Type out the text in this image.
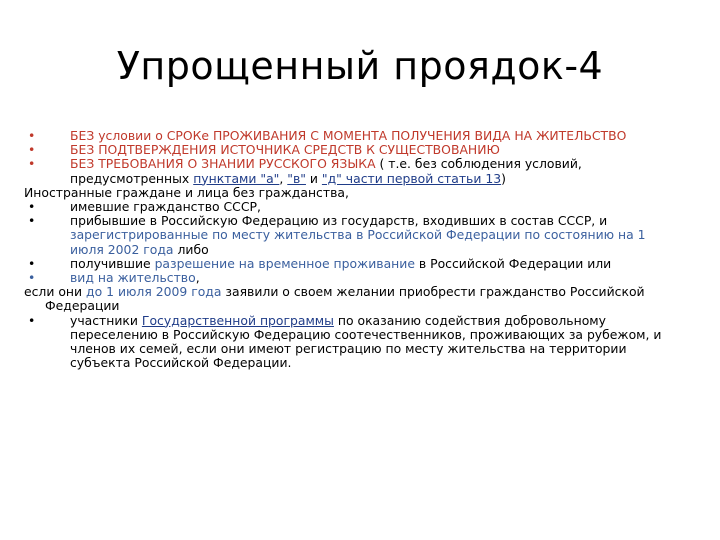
Упрощенный проядок-4
•	БЕЗ условии о СРОКе ПРОЖИВАНИЯ С МОМЕНТА ПОЛУЧЕНИЯ ВИДА НА ЖИТЕЛЬСТВО
•	БЕЗ ПОДТВЕРЖДЕНИЯ ИСТОЧНИКА СРЕДСТВ К СУЩЕСТВОВАНИЮ
•	БЕЗ ТРЕБОВАНИЯ О ЗНАНИИ РУССКОГО ЯЗЫКА ( т.е. без соблюдения условий, предусмотренных пунктами "а", "в" и "д" части первой статьи 13)
Иностранные граждане и лица без гражданства,
•	имевшие гражданство СССР,
•	прибывшие в Российскую Федерацию из государств, входивших в состав СССР, и зарегистрированные по месту жительства в Российской Федерации по состоянию на 1 июля 2002 года либо
•	получившие разрешение на временное проживание в Российской Федерации или
•	вид на жительство,
если они до 1 июля 2009 года заявили о своем желании приобрести гражданство Российской Федерации
•	участники Государственной программы по оказанию содействия добровольному переселению в Российскую Федерацию соотечественников, проживающих за рубежом, и членов их семей, если они имеют регистрацию по месту жительства на территории субъекта Российской Федерации.
